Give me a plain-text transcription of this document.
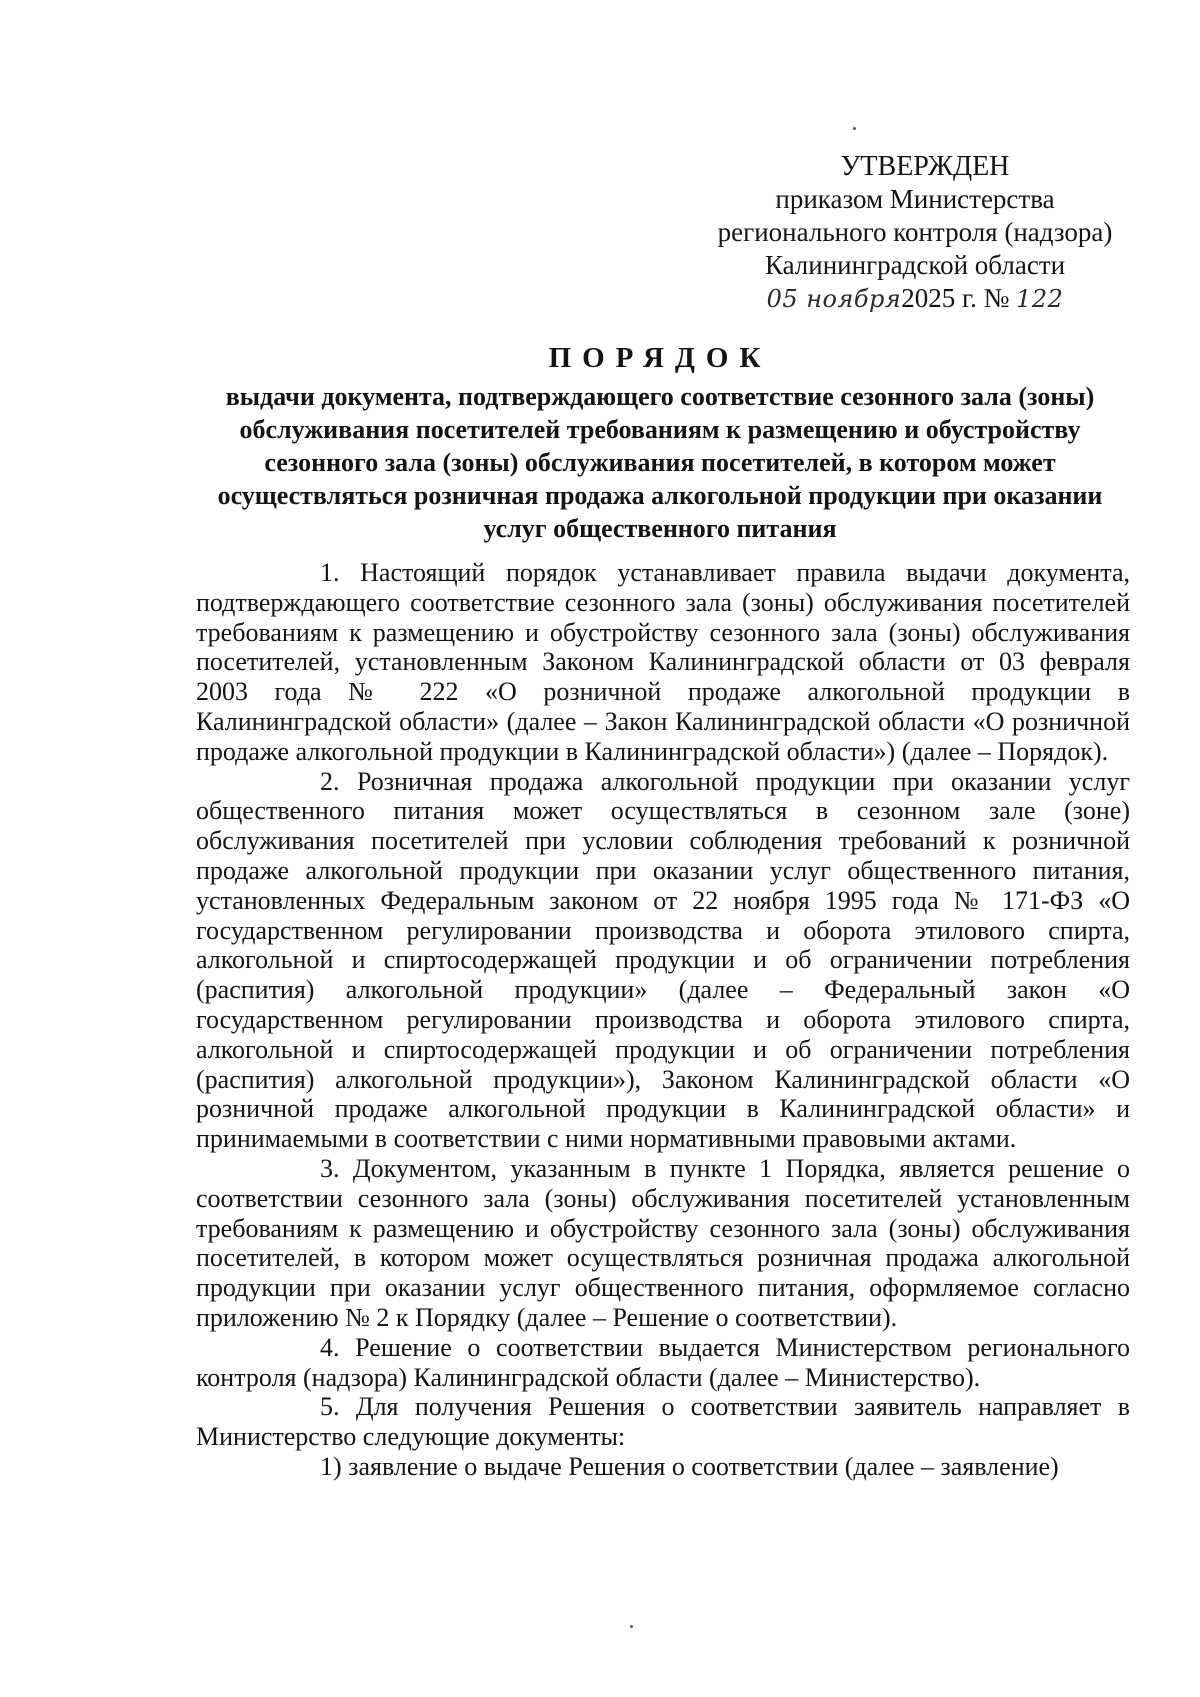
УТВЕРЖДЕН
приказом Министерства
регионального контроля (надзора)
Калининградской области
05 ноября2025 г. № 122
ПОРЯДОК
выдачи документа, подтверждающего соответствие сезонного зала (зоны) обслуживания посетителей требованиям к размещению и обустройству сезонного зала (зоны) обслуживания посетителей, в котором может осуществляться розничная продажа алкогольной продукции при оказании услуг общественного питания

1. Настоящий порядок устанавливает правила выдачи документа, подтверждающего соответствие сезонного зала (зоны) обслуживания посетителей требованиям к размещению и обустройству сезонного зала (зоны) обслуживания посетителей, установленным Законом Калининградской области от 03 февраля 2003 года № 222 «О розничной продаже алкогольной продукции в Калининградской области» (далее – Закон Калининградской области «О розничной продаже алкогольной продукции в Калининградской области») (далее – Порядок).

2. Розничная продажа алкогольной продукции при оказании услуг общественного питания может осуществляться в сезонном зале (зоне) обслуживания посетителей при условии соблюдения требований к розничной продаже алкогольной продукции при оказании услуг общественного питания, установленных Федеральным законом от 22 ноября 1995 года № 171-ФЗ «О государственном регулировании производства и оборота этилового спирта, алкогольной и спиртосодержащей продукции и об ограничении потребления (распития) алкогольной продукции» (далее – Федеральный закон «О государственном регулировании производства и оборота этилового спирта, алкогольной и спиртосодержащей продукции и об ограничении потребления (распития) алкогольной продукции»), Законом Калининградской области «О розничной продаже алкогольной продукции в Калининградской области» и принимаемыми в соответствии с ними нормативными правовыми актами.

3. Документом, указанным в пункте 1 Порядка, является решение о соответствии сезонного зала (зоны) обслуживания посетителей установленным требованиям к размещению и обустройству сезонного зала (зоны) обслуживания посетителей, в котором может осуществляться розничная продажа алкогольной продукции при оказании услуг общественного питания, оформляемое согласно приложению № 2 к Порядку (далее – Решение о соответствии).

4. Решение о соответствии выдается Министерством регионального контроля (надзора) Калининградской области (далее – Министерство).

5. Для получения Решения о соответствии заявитель направляет в Министерство следующие документы:

1) заявление о выдаче Решения о соответствии (далее – заявление)
